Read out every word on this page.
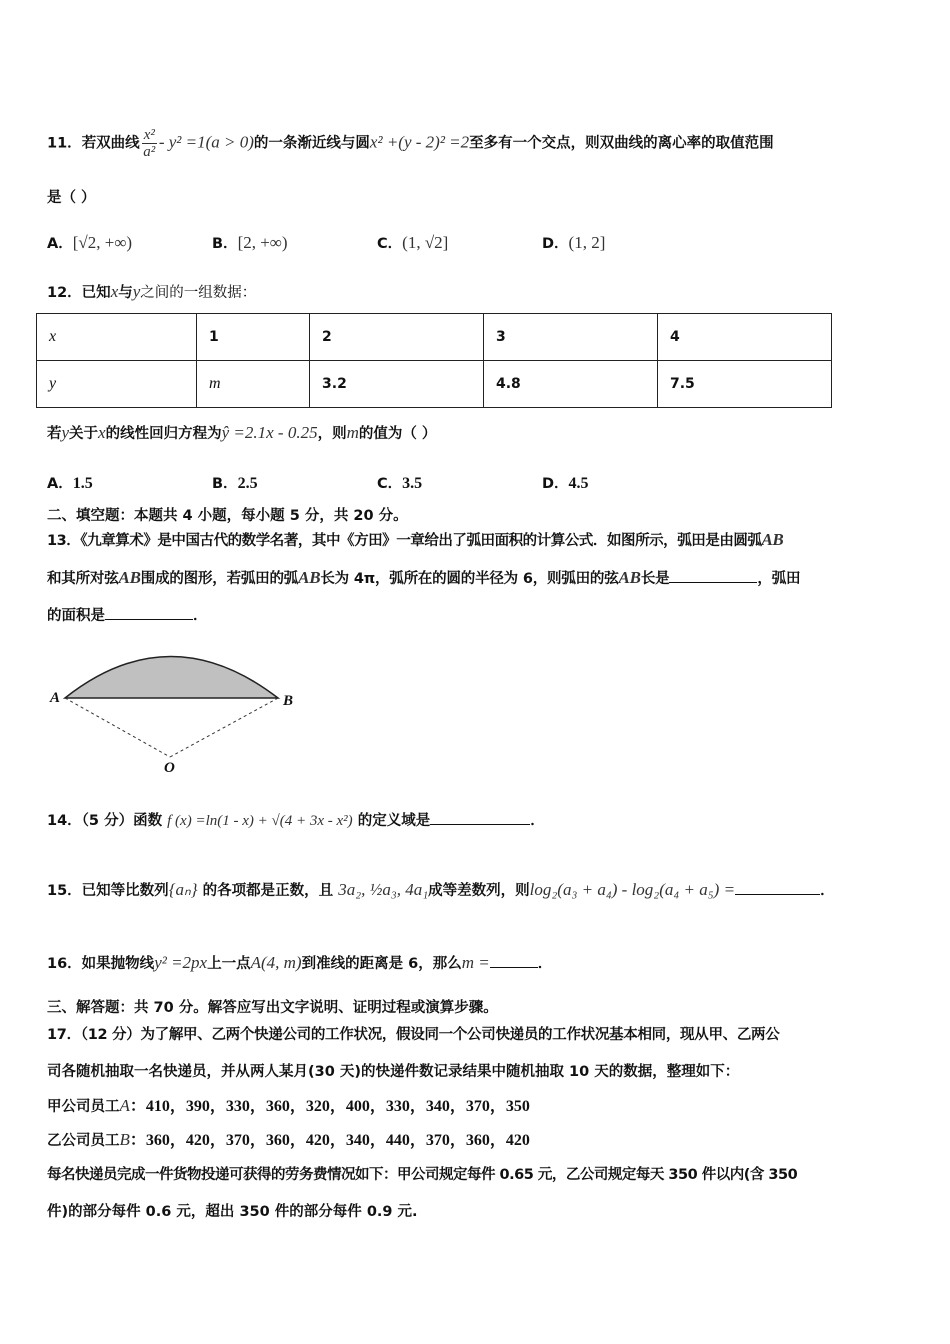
11．若双曲线 $\frac{\text{x²}}{\text{a²}} - y^2 =1(a > 0)$的一条渐近线与圆x² +(y - 2)² =2至多有一个交点，则双曲线的离心率的取值范围
是（ ）
A．[√2, +∞)	B．[2, +∞)	C．(1, √2]	D．(1, 2]
12．已知x与y之间的一组数据：
x	1	2	3	4
y	m	3.2	4.8	7.5
若y关于x的线性回归方程为ŷ =2.1x - 0.25，则m的值为（ ）
A．1.5	B．2.5	C．3.5	D．4.5
二、填空题：本题共 4 小题，每小题 5 分，共 20 分。
13．《九章算术》是中国古代的数学名著，其中《方田》一章给出了弧田面积的计算公式．如图所示，弧田是由圆弧AB
和其所对弦AB围成的图形，若弧田的弧AB长为 4π，弧所在的圆的半径为 6，则弧田的弦AB长是	，弧田
的面积是	．
A	B
O
14．（5 分）函数 f (x) =ln(1 - x) + √(4 + 3x - x²) 的定义域是	．
15．已知等比数列{aₙ} 的各项都是正数，且 3a₂, ½a₃, 4a₁成等差数列，则log₂(a₃ + a₄) - log₂(a₄ + a₅) =	．
16．如果抛物线y² =2px上一点A(4, m)到准线的距离是 6，那么m =	．
三、解答题：共 70 分。解答应写出文字说明、证明过程或演算步骤。
17．（12 分）为了解甲、乙两个快递公司的工作状况，假设同一个公司快递员的工作状况基本相同，现从甲、乙两公
司各随机抽取一名快递员，并从两人某月(30 天)的快递件数记录结果中随机抽取 10 天的数据，整理如下：
甲公司员工A：410，390，330，360，320，400，330，340，370，350
乙公司员工B：360，420，370，360，420，340，440，370，360，420
每名快递员完成一件货物投递可获得的劳务费情况如下：甲公司规定每件 0.65 元，乙公司规定每天 350 件以内(含 350
件)的部分每件 0.6 元，超出 350 件的部分每件 0.9 元.
